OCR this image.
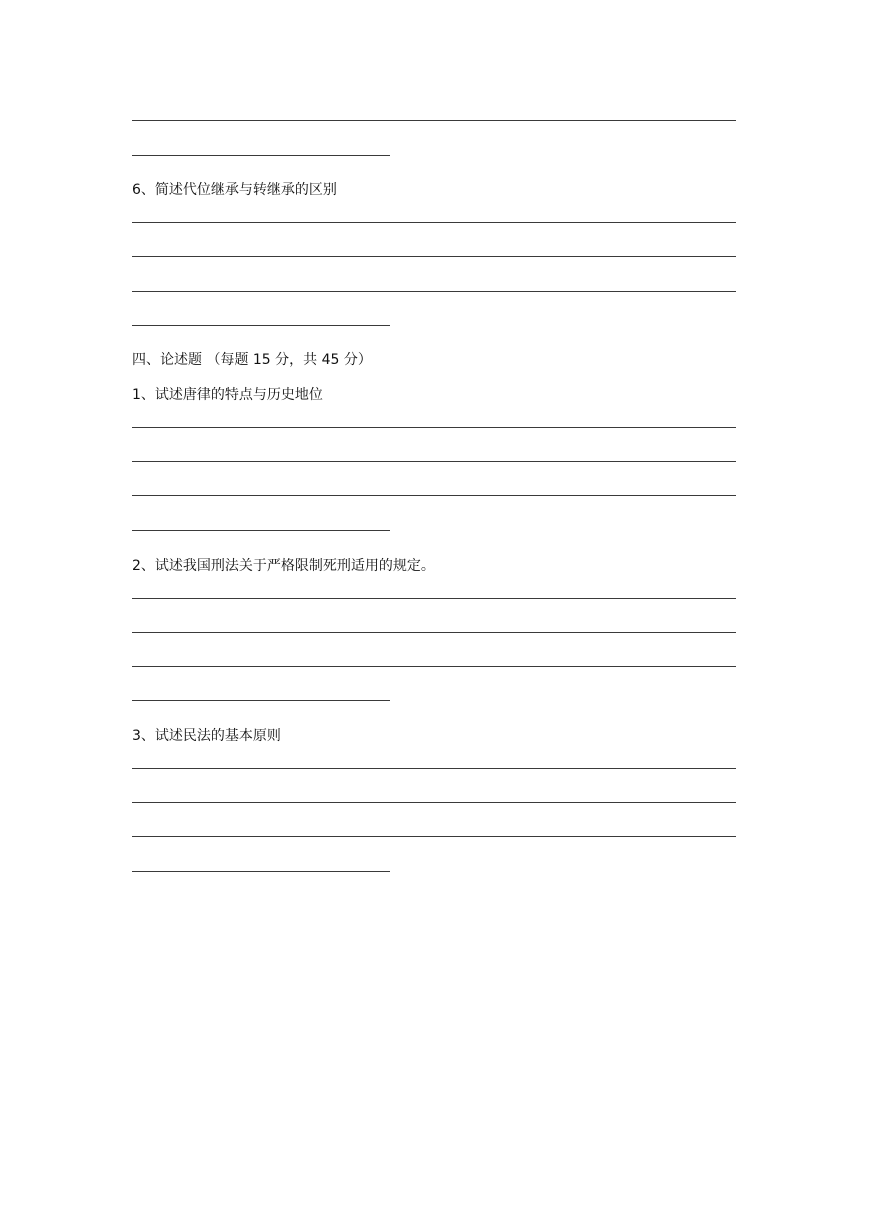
6、简述代位继承与转继承的区别
四、论述题 （每题 15 分，共 45 分）
1、试述唐律的特点与历史地位
2、试述我国刑法关于严格限制死刑适用的规定。
3、试述民法的基本原则
